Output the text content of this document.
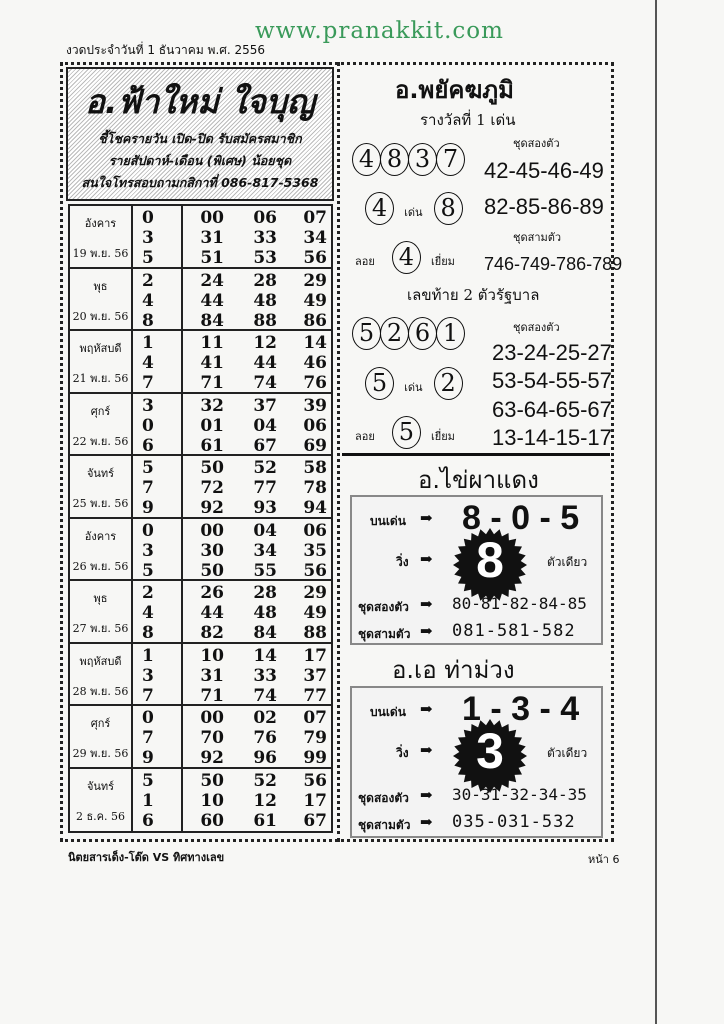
www.pranakkit.com
งวดประจำวันที่ 1 ธันวาคม พ.ศ. 2556
อ.ฟ้าใหม่ ใจบุญ
ชี้โชครายวัน เปิด-ปิด รับสมัครสมาชิก
รายสัปดาห์-เดือน (พิเศษ) น้อยชุด
สนใจโทรสอบถามกสิกาที่ 086-817-5368
อังคาร
19 พ.ย. 56
0	00	06	07
3	31	33	34
5	51	53	56
พุธ
20 พ.ย. 56
2	24	28	29
4	44	48	49
8	84	88	86
พฤหัสบดี
21 พ.ย. 56
1	11	12	14
4	41	44	46
7	71	74	76
ศุกร์
22 พ.ย. 56
3	32	37	39
0	01	04	06
6	61	67	69
จันทร์
25 พ.ย. 56
5	50	52	58
7	72	77	78
9	92	93	94
อังคาร
26 พ.ย. 56
0	00	04	06
3	30	34	35
5	50	55	56
พุธ
27 พ.ย. 56
2	26	28	29
4	44	48	49
8	82	84	88
พฤหัสบดี
28 พ.ย. 56
1	10	14	17
3	31	33	37
7	71	74	77
ศุกร์
29 พ.ย. 56
0	00	02	07
7	70	76	79
9	92	96	99
จันทร์
2 ธ.ค. 56
5	50	52	56
1	10	12	17
6	60	61	67
อ.พยัคฆภูมิ
รางวัลที่ 1 เด่น
4 8 3 7
ชุดสองตัว
42-45-46-49
4 เด่น 8 82-85-86-89
ชุดสามตัว
ลอย 4 เยี่ยม 746-749-786-789
เลขท้าย 2 ตัวรัฐบาล
5 2 6 1	ชุดสองตัว
23-24-25-27
5 เด่น 2 53-54-55-57
63-64-65-67
ลอย 5 เยี่ยม 13-14-15-17
อ.ไข่ผาแดง
อ.เอ ท่าม่วง
บนเด่น ➡ 8 - 0 - 5
วิ่ง ➡ 8	ตัวเดียว
ชุดสองตัว ➡ 80-81-82-84-85
ชุดสามตัว ➡ 081-581-582
บนเด่น ➡ 1 - 3 - 4
วิ่ง ➡ 3	ตัวเดียว
ชุดสองตัว ➡ 30-31-32-34-35
ชุดสามตัว ➡ 035-031-532
นิตยสารเด็ง-โต๊ด VS ทิศทางเลข	หน้า 6
